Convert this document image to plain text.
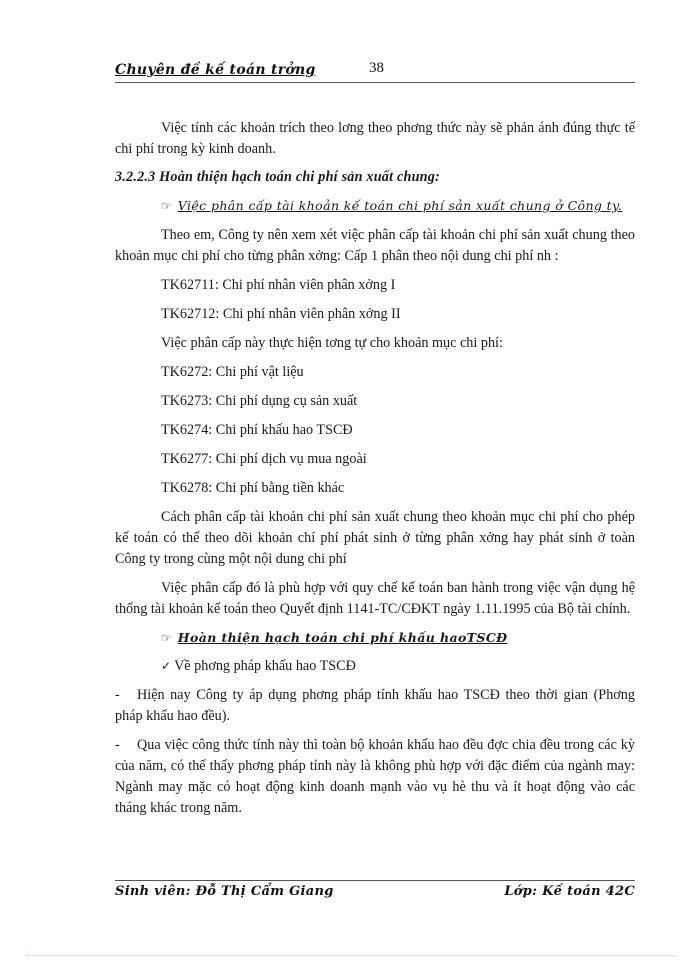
Chuyên đề kế toán trởng	38

Việc tính các khoản trích theo lơng theo phơng thức này sẽ phản ánh đúng thực tế chi phí trong kỳ kinh doanh.

3.2.2.3 Hoàn thiện hạch toán chi phí sản xuất chung:

☞ Việc phân cấp tài khoản kế toán chi phí sản xuất chung ở Công ty.

Theo em, Công ty nên xem xét việc phân cấp tài khoản chi phí sản xuất chung theo khoản mục chi phí cho từng phân xởng: Cấp 1 phân theo nội dung chi phí nh :

TK62711: Chi phí nhân viên phân xởng I
TK62712: Chi phí nhân viên phân xởng II
Việc phân cấp này thực hiện tơng tự cho khoản mục chi phí:
TK6272: Chi phí vật liệu
TK6273: Chi phí dụng cụ sản xuất
TK6274: Chi phí khấu hao TSCĐ
TK6277: Chi phí dịch vụ mua ngoài
TK6278: Chi phí bằng tiền khác

Cách phân cấp tài khoản chi phí sản xuất chung theo khoản mục chi phí cho phép kế toán có thể theo dõi khoản chí phí phát sinh ở từng phân xởng hay phát sinh ở toàn Công ty trong cùng một nội dung chi phí

Việc phân cấp đó là phù hợp với quy chế kế toán ban hành trong việc vận dụng hệ thống tài khoản kế toán theo Quyết định 1141-TC/CĐKT ngày 1.11.1995 của Bộ tài chính.

☞ Hoàn thiện hạch toán chi phí khấu haoTSCĐ

✓ Về phơng pháp khấu hao TSCĐ

- Hiện nay Công ty áp dụng phơng pháp tính khấu hao TSCĐ theo thời gian (Phơng pháp khấu hao đều).

- Qua việc công thức tính này thì toàn bộ khoản khấu hao đều đợc chia đều trong các kỳ của năm, có thể thấy phơng pháp tính này là không phù hợp với đặc điểm của ngành may: Ngành may mặc có hoạt động kinh doanh mạnh vào vụ hè thu và ít hoạt động vào các tháng khác trong năm.

Sinh viên: Đỗ Thị Cẩm Giang	Lớp: Kế toán 42C
